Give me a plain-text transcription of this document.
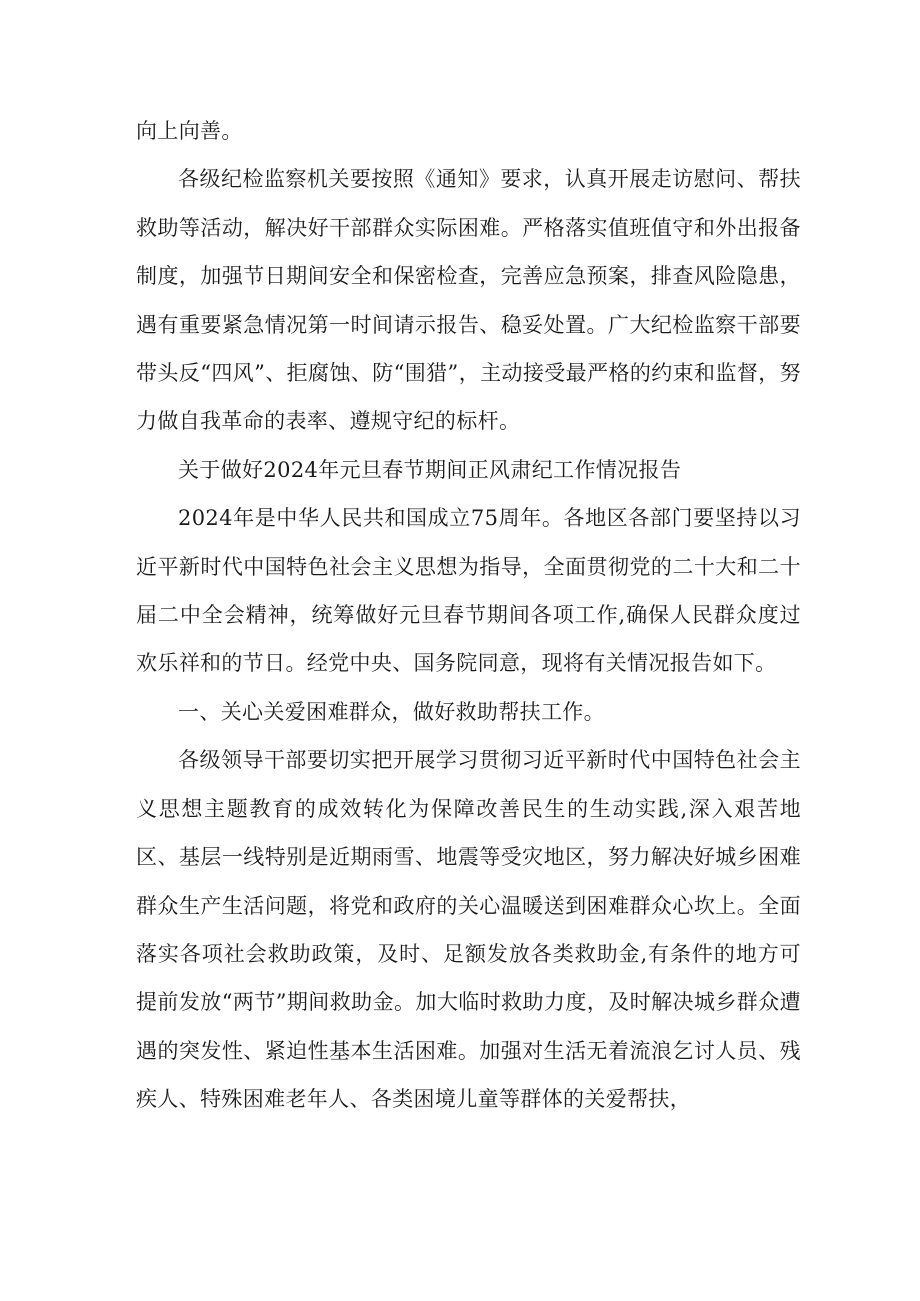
向上向善。

各级纪检监察机关要按照《通知》要求，认真开展走访慰问、帮扶救助等活动，解决好干部群众实际困难。严格落实值班值守和外出报备制度，加强节日期间安全和保密检查，完善应急预案，排查风险隐患，遇有重要紧急情况第一时间请示报告、稳妥处置。广大纪检监察干部要带头反“四风”、拒腐蚀、防“围猎”，主动接受最严格的约束和监督，努力做自我革命的表率、遵规守纪的标杆。

关于做好2024年元旦春节期间正风肃纪工作情况报告

2024年是中华人民共和国成立75周年。各地区各部门要坚持以习近平新时代中国特色社会主义思想为指导，全面贯彻党的二十大和二十届二中全会精神，统筹做好元旦春节期间各项工作,确保人民群众度过欢乐祥和的节日。经党中央、国务院同意，现将有关情况报告如下。

一、关心关爱困难群众，做好救助帮扶工作。

各级领导干部要切实把开展学习贯彻习近平新时代中国特色社会主义思想主题教育的成效转化为保障改善民生的生动实践,深入艰苦地区、基层一线特别是近期雨雪、地震等受灾地区，努力解决好城乡困难群众生产生活问题，将党和政府的关心温暖送到困难群众心坎上。全面落实各项社会救助政策，及时、足额发放各类救助金,有条件的地方可提前发放“两节”期间救助金。加大临时救助力度，及时解决城乡群众遭遇的突发性、紧迫性基本生活困难。加强对生活无着流浪乞讨人员、残疾人、特殊困难老年人、各类困境儿童等群体的关爱帮扶，
